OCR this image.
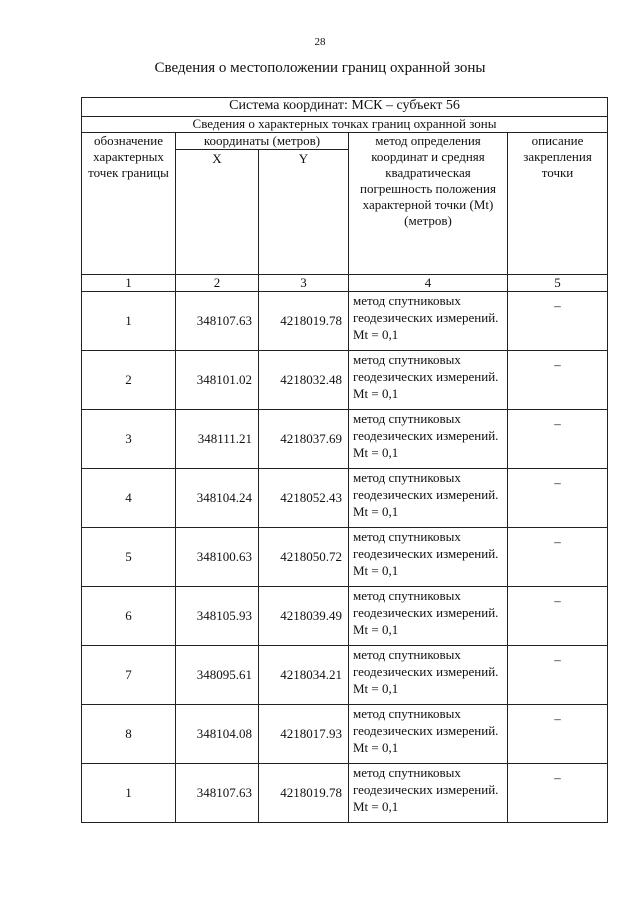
28
Сведения о местоположении границ охранной зоны
Система координат: МСК – субъект 56				
Сведения о характерных точках границ охранной зоны				
обозначение характерных точек границы	координаты (метров)		метод определения координат и средняя квадратическая погрешность положения характерной точки (Mt) (метров)	описание закрепления точки
	X	Y		
1	2	3	4	5
1	348107.63	4218019.78	метод спутниковых геодезических измерений. Mt = 0,1	–
2	348101.02	4218032.48	метод спутниковых геодезических измерений. Mt = 0,1	–
3	348111.21	4218037.69	метод спутниковых геодезических измерений. Mt = 0,1	–
4	348104.24	4218052.43	метод спутниковых геодезических измерений. Mt = 0,1	–
5	348100.63	4218050.72	метод спутниковых геодезических измерений. Mt = 0,1	–
6	348105.93	4218039.49	метод спутниковых геодезических измерений. Mt = 0,1	–
7	348095.61	4218034.21	метод спутниковых геодезических измерений. Mt = 0,1	–
8	348104.08	4218017.93	метод спутниковых геодезических измерений. Mt = 0,1	–
1	348107.63	4218019.78	метод спутниковых геодезических измерений. Mt = 0,1	–
